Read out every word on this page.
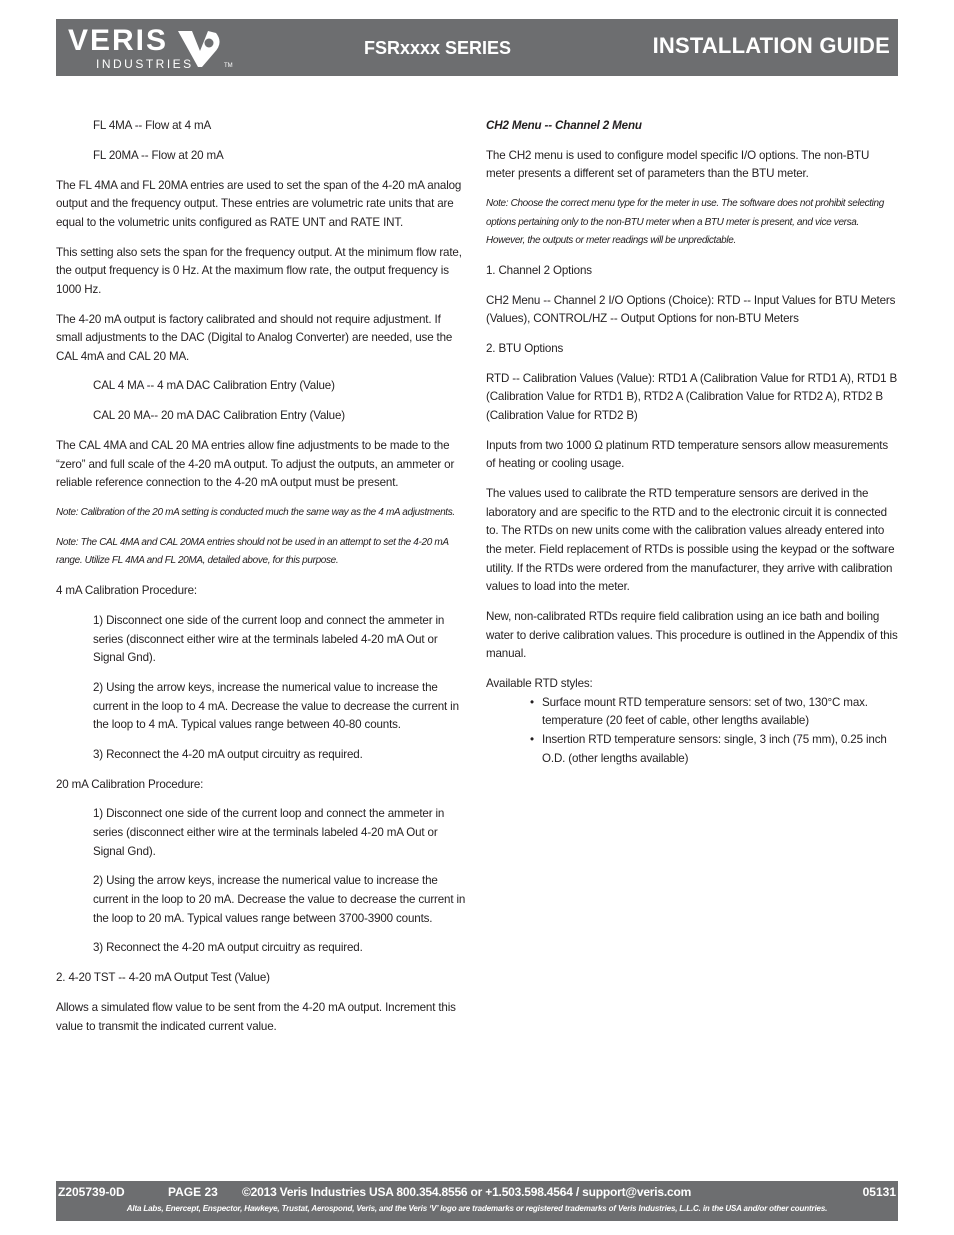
VERIS
INDUSTRIES	TM
FSRxxxx SERIES	INSTALLATION GUIDE

FL 4MA -- Flow at 4 mA

FL 20MA -- Flow at 20 mA

The FL 4MA and FL 20MA entries are used to set the span of the 4-20 mA analog output and the frequency output. These entries are volumetric rate units that are equal to the volumetric units configured as RATE UNT and RATE INT.

This setting also sets the span for the frequency output. At the minimum flow rate, the output frequency is 0 Hz. At the maximum flow rate, the output frequency is 1000 Hz.

The 4-20 mA output is factory calibrated and should not require adjustment. If small adjustments to the DAC (Digital to Analog Converter) are needed, use the CAL 4mA and CAL 20 MA.

CAL 4 MA -- 4 mA DAC Calibration Entry (Value)

CAL 20 MA-- 20 mA DAC Calibration Entry (Value)

The CAL 4MA and CAL 20 MA entries allow fine adjustments to be made to the “zero” and full scale of the 4-20 mA output. To adjust the outputs, an ammeter or reliable reference connection to the 4-20 mA output must be present.

Note: Calibration of the 20 mA setting is conducted much the same way as the 4 mA adjustments.

Note: The CAL 4MA and CAL 20MA entries should not be used in an attempt to set the 4-20 mA range. Utilize FL 4MA and FL 20MA, detailed above, for this purpose.

4 mA Calibration Procedure:

1) Disconnect one side of the current loop and connect the ammeter in series (disconnect either wire at the terminals labeled 4-20 mA Out or Signal Gnd).

2) Using the arrow keys, increase the numerical value to increase the current in the loop to 4 mA. Decrease the value to decrease the current in the loop to 4 mA. Typical values range between 40-80 counts.

3) Reconnect the 4-20 mA output circuitry as required.

20 mA Calibration Procedure:

1) Disconnect one side of the current loop and connect the ammeter in series (disconnect either wire at the terminals labeled 4-20 mA Out or Signal Gnd).

2) Using the arrow keys, increase the numerical value to increase the current in the loop to 20 mA. Decrease the value to decrease the current in the loop to 20 mA. Typical values range between 3700-3900 counts.

3) Reconnect the 4-20 mA output circuitry as required.

2. 4-20 TST -- 4-20 mA Output Test (Value)

Allows a simulated flow value to be sent from the 4-20 mA output. Increment this value to transmit the indicated current value.

CH2 Menu -- Channel 2 Menu

The CH2 menu is used to configure model specific I/O options. The non-BTU meter presents a different set of parameters than the BTU meter.

Note: Choose the correct menu type for the meter in use. The software does not prohibit selecting options pertaining only to the non-BTU meter when a BTU meter is present, and vice versa. However, the outputs or meter readings will be unpredictable.

1. Channel 2 Options

CH2 Menu -- Channel 2 I/O Options (Choice): RTD -- Input Values for BTU Meters (Values), CONTROL/HZ -- Output Options for non-BTU Meters

2. BTU Options

RTD -- Calibration Values (Value): RTD1 A (Calibration Value for RTD1 A), RTD1 B (Calibration Value for RTD1 B), RTD2 A (Calibration Value for RTD2 A), RTD2 B (Calibration Value for RTD2 B)

Inputs from two 1000 Ω platinum RTD temperature sensors allow measurements of heating or cooling usage.

The values used to calibrate the RTD temperature sensors are derived in the laboratory and are specific to the RTD and to the electronic circuit it is connected to. The RTDs on new units come with the calibration values already entered into the meter. Field replacement of RTDs is possible using the keypad or the software utility. If the RTDs were ordered from the manufacturer, they arrive with calibration values to load into the meter.

New, non-calibrated RTDs require field calibration using an ice bath and boiling water to derive calibration values. This procedure is outlined in the Appendix of this manual.

Available RTD styles:

• Surface mount RTD temperature sensors: set of two, 130°C max. temperature (20 feet of cable, other lengths available)
• Insertion RTD temperature sensors: single, 3 inch (75 mm), 0.25 inch O.D. (other lengths available)
Z205739-0D	PAGE 23 ©2013 Veris Industries USA 800.354.8556 or +1.503.598.4564 / support@veris.com	05131
Alta Labs, Enercept, Enspector, Hawkeye, Trustat, Aerospond, Veris, and the Veris ‘V’ logo are trademarks or registered trademarks of Veris Industries, L.L.C. in the USA and/or other countries.
